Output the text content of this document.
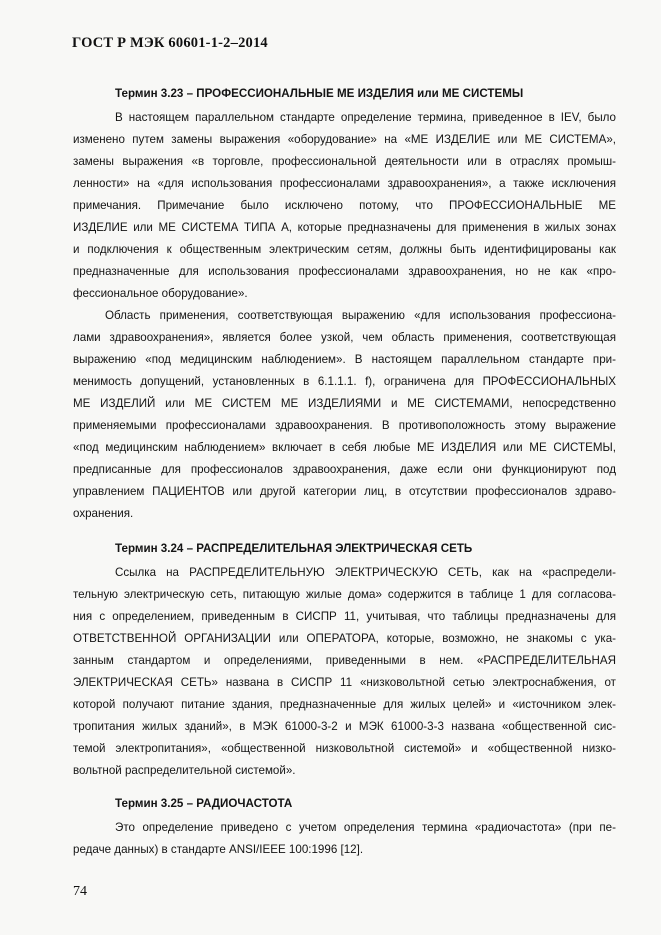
ГОСТ Р МЭК 60601-1-2–2014
Термин 3.23 – ПРОФЕССИОНАЛЬНЫЕ МЕ ИЗДЕЛИЯ или МЕ СИСТЕМЫ
В настоящем параллельном стандарте определение термина, приведенное в IEV, было
изменено путем замены выражения «оборудование» на «МЕ ИЗДЕЛИЕ или МЕ СИСТЕМА»,
замены выражения «в торговле, профессиональной деятельности или в отраслях промыш-
ленности» на «для использования профессионалами здравоохранения», а также исключения
примечания. Примечание было исключено потому, что ПРОФЕССИОНАЛЬНЫЕ МЕ
ИЗДЕЛИЕ или МЕ СИСТЕМА ТИПА А, которые предназначены для применения в жилых зонах
и подключения к общественным электрическим сетям, должны быть идентифицированы как
предназначенные для использования профессионалами здравоохранения, но не как «про-
фессиональное оборудование».
Область применения, соответствующая выражению «для использования профессиона-
лами здравоохранения», является более узкой, чем область применения, соответствующая
выражению «под медицинским наблюдением». В настоящем параллельном стандарте при-
менимость допущений, установленных в 6.1.1.1. f), ограничена для ПРОФЕССИОНАЛЬНЫХ
МЕ ИЗДЕЛИЙ или МЕ СИСТЕМ МЕ ИЗДЕЛИЯМИ и МЕ СИСТЕМАМИ, непосредственно
применяемыми профессионалами здравоохранения. В противоположность этому выражение
«под медицинским наблюдением» включает в себя любые МЕ ИЗДЕЛИЯ или МЕ СИСТЕМЫ,
предписанные для профессионалов здравоохранения, даже если они функционируют под
управлением ПАЦИЕНТОВ или другой категории лиц, в отсутствии профессионалов здраво-
охранения.
Термин 3.24 – РАСПРЕДЕЛИТЕЛЬНАЯ ЭЛЕКТРИЧЕСКАЯ СЕТЬ
Ссылка на РАСПРЕДЕЛИТЕЛЬНУЮ ЭЛЕКТРИЧЕСКУЮ СЕТЬ, как на «распредели-
тельную электрическую сеть, питающую жилые дома» содержится в таблице 1 для согласова-
ния с определением, приведенным в СИСПР 11, учитывая, что таблицы предназначены для
ОТВЕТСТВЕННОЙ ОРГАНИЗАЦИИ или ОПЕРАТОРА, которые, возможно, не знакомы с ука-
занным стандартом и определениями, приведенными в нем. «РАСПРЕДЕЛИТЕЛЬНАЯ
ЭЛЕКТРИЧЕСКАЯ СЕТЬ» названа в СИСПР 11 «низковольтной сетью электроснабжения, от
которой получают питание здания, предназначенные для жилых целей» и «источником элек-
тропитания жилых зданий», в МЭК 61000-3-2 и МЭК 61000-3-3 названа «общественной сис-
темой электропитания», «общественной низковольтной системой» и «общественной низко-
вольтной распределительной системой».
Термин 3.25 – РАДИОЧАСТОТА
Это определение приведено с учетом определения термина «радиочастота» (при пе-
редаче данных) в стандарте ANSI/IEEE 100:1996 [12].
74
